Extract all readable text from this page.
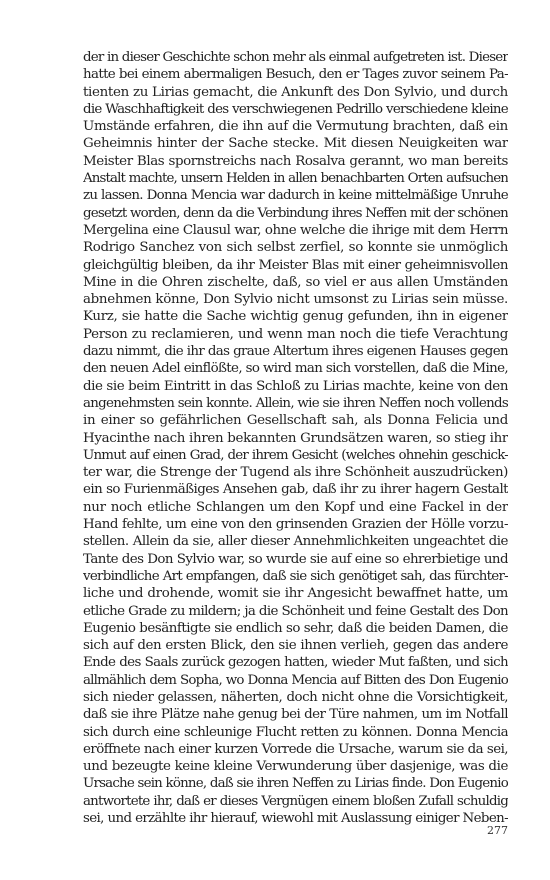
der in dieser Geschichte schon mehr als einmal aufgetreten ist. Dieser
hatte bei einem abermaligen Besuch, den er Tages zuvor seinem Pa-
tienten zu Lirias gemacht, die Ankunft des Don Sylvio, und durch
die Waschhaftigkeit des verschwiegenen Pedrillo verschiedene kleine
Umstände erfahren, die ihn auf die Vermutung brachten, daß ein
Geheimnis hinter der Sache stecke. Mit diesen Neuigkeiten war
Meister Blas spornstreichs nach Rosalva gerannt, wo man bereits
Anstalt machte, unsern Helden in allen benachbarten Orten aufsuchen
zu lassen. Donna Mencia war dadurch in keine mittelmäßige Unruhe
gesetzt worden, denn da die Verbindung ihres Neffen mit der schönen
Mergelina eine Clausul war, ohne welche die ihrige mit dem Herrn
Rodrigo Sanchez von sich selbst zerfiel, so konnte sie unmöglich
gleichgültig bleiben, da ihr Meister Blas mit einer geheimnisvollen
Mine in die Ohren zischelte, daß, so viel er aus allen Umständen
abnehmen könne, Don Sylvio nicht umsonst zu Lirias sein müsse.
Kurz, sie hatte die Sache wichtig genug gefunden, ihn in eigener
Person zu reclamieren, und wenn man noch die tiefe Verachtung
dazu nimmt, die ihr das graue Altertum ihres eigenen Hauses gegen
den neuen Adel einflößte, so wird man sich vorstellen, daß die Mine,
die sie beim Eintritt in das Schloß zu Lirias machte, keine von den
angenehmsten sein konnte. Allein, wie sie ihren Neffen noch vollends
in einer so gefährlichen Gesellschaft sah, als Donna Felicia und
Hyacinthe nach ihren bekannten Grundsätzen waren, so stieg ihr
Unmut auf einen Grad, der ihrem Gesicht (welches ohnehin geschick-
ter war, die Strenge der Tugend als ihre Schönheit auszudrücken)
ein so Furienmäßiges Ansehen gab, daß ihr zu ihrer hagern Gestalt
nur noch etliche Schlangen um den Kopf und eine Fackel in der
Hand fehlte, um eine von den grinsenden Grazien der Hölle vorzu-
stellen. Allein da sie, aller dieser Annehmlichkeiten ungeachtet die
Tante des Don Sylvio war, so wurde sie auf eine so ehrerbietige und
verbindliche Art empfangen, daß sie sich genötiget sah, das fürchter-
liche und drohende, womit sie ihr Angesicht bewaffnet hatte, um
etliche Grade zu mildern; ja die Schönheit und feine Gestalt des Don
Eugenio besänftigte sie endlich so sehr, daß die beiden Damen, die
sich auf den ersten Blick, den sie ihnen verlieh, gegen das andere
Ende des Saals zurück gezogen hatten, wieder Mut faßten, und sich
allmählich dem Sopha, wo Donna Mencia auf Bitten des Don Eugenio
sich nieder gelassen, näherten, doch nicht ohne die Vorsichtigkeit,
daß sie ihre Plätze nahe genug bei der Türe nahmen, um im Notfall
sich durch eine schleunige Flucht retten zu können. Donna Mencia
eröffnete nach einer kurzen Vorrede die Ursache, warum sie da sei,
und bezeugte keine kleine Verwunderung über dasjenige, was die
Ursache sein könne, daß sie ihren Neffen zu Lirias finde. Don Eugenio
antwortete ihr, daß er dieses Vergnügen einem bloßen Zufall schuldig
sei, und erzählte ihr hierauf, wiewohl mit Auslassung einiger Neben-
277
